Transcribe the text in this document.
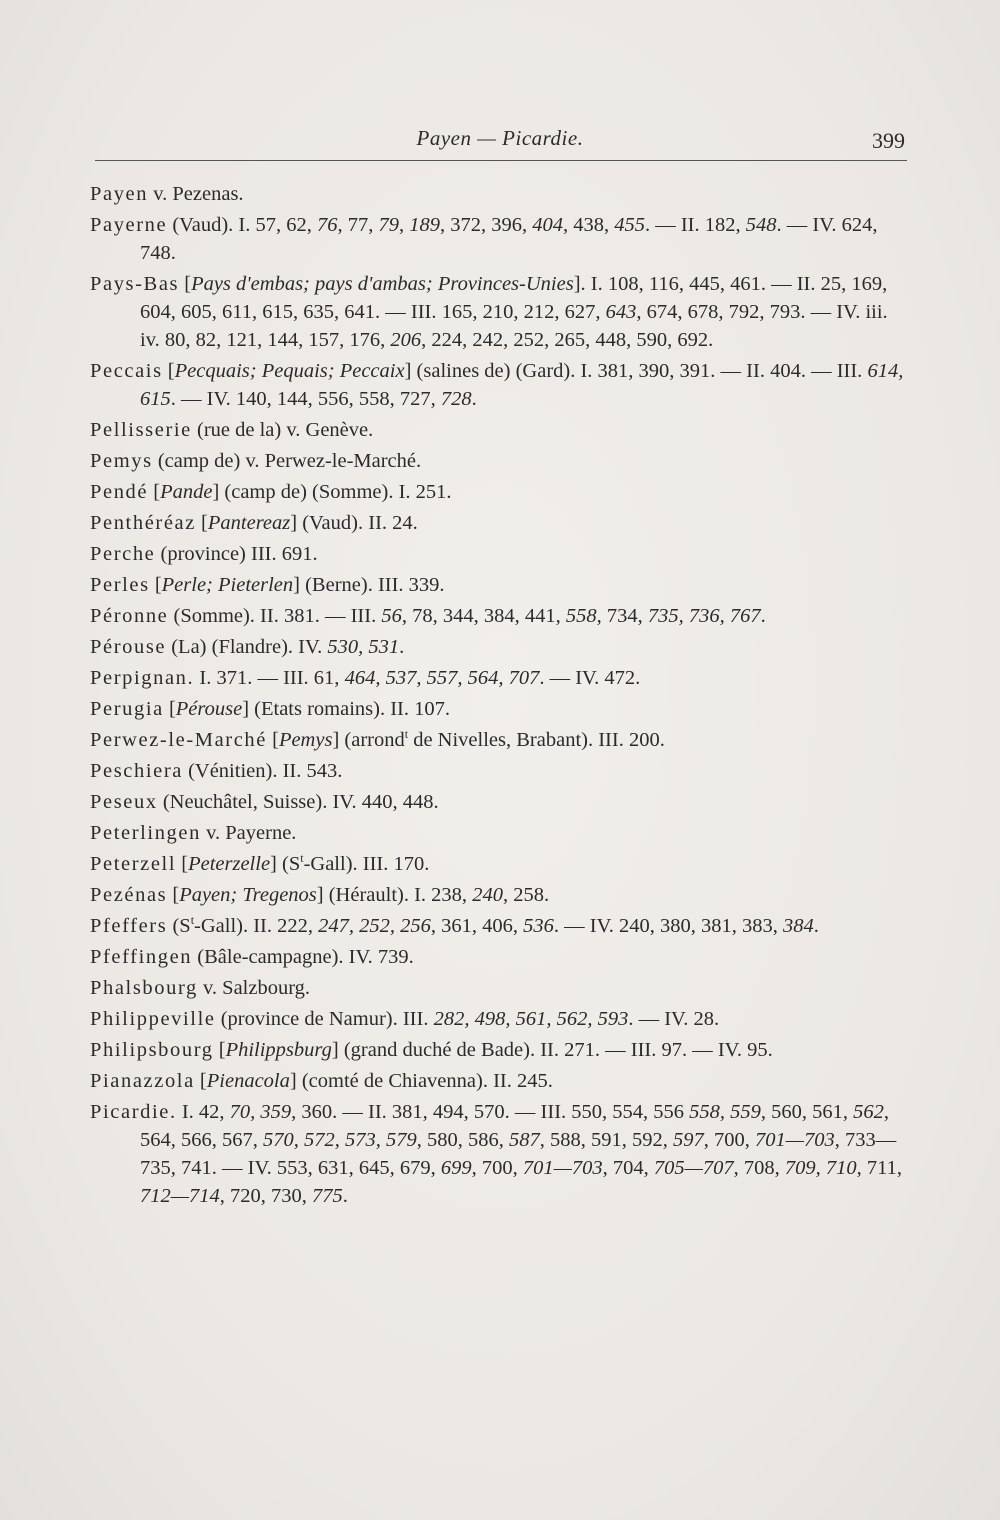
Payen — Picardie.	399

Payen v. Pezenas.

Payerne (Vaud). I. 57, 62, 76, 77, 79, 189, 372, 396, 404, 438, 455. — II. 182, 548. — IV. 624, 748.

Pays-Bas [Pays d'embas; pays d'ambas; Provinces-Unies]. I. 108, 116, 445, 461. — II. 25, 169, 604, 605, 611, 615, 635, 641. — III. 165, 210, 212, 627, 643, 674, 678, 792, 793. — IV. iii. iv. 80, 82, 121, 144, 157, 176, 206, 224, 242, 252, 265, 448, 590, 692.

Peccais [Pecquais; Pequais; Peccaix] (salines de) (Gard). I. 381, 390, 391. — II. 404. — III. 614, 615. — IV. 140, 144, 556, 558, 727, 728.

Pellisserie (rue de la) v. Genève.

Pemys (camp de) v. Perwez-le-Marché.

Pendé [Pande] (camp de) (Somme). I. 251.

Penthéréaz [Pantereaz] (Vaud). II. 24.

Perche (province) III. 691.

Perles [Perle; Pieterlen] (Berne). III. 339.

Péronne (Somme). II. 381. — III. 56, 78, 344, 384, 441, 558, 734, 735, 736, 767.

Pérouse (La) (Flandre). IV. 530, 531.

Perpignan. I. 371. — III. 61, 464, 537, 557, 564, 707. — IV. 472.

Perugia [Pérouse] (Etats romains). II. 107.

Perwez-le-Marché [Pemys] (arrond$^t$ de Nivelles, Brabant). III. 200.

Peschiera (Vénitien). II. 543.

Peseux (Neuchâtel, Suisse). IV. 440, 448.

Peterlingen v. Payerne.

Peterzell [Peterzelle] $(S^t-Gall)$. III. 170.

Pezénas [Payen; Tregenos] (Hérault). I. 238, 240, 258.

Pfeffers $(S^t-Gall)$. II. 222, 247, 252, 256, 361, 406, 536. — IV. 240, 380, 381, 383, 384.

Pfeffingen (Bâle-campagne). IV. 739.

Phalsbourg v. Salzbourg.

Philippeville (province de Namur). III. 282, 498, 561, 562, 593. — IV. 28.

Philipsbourg [Philippsburg] (grand duché de Bade). II. 271. — III. 97. — IV. 95.

Pianazzola [Pienacola] (comté de Chiavenna). II. 245.

Picardie. I. 42, 70, 359, 360. — II. 381, 494, 570. — III. 550, 554, 556 558, 559, 560, 561, 562, 564, 566, 567, 570, 572, 573, 579, 580, 586, 587, 588, 591, 592, 597, 700, 701—703, 733—735, 741. — IV. 553, 631, 645, 679, 699, 700, 701—703, 704, 705—707, 708, 709, 710, 711, 712—714, 720, 730, 775.
